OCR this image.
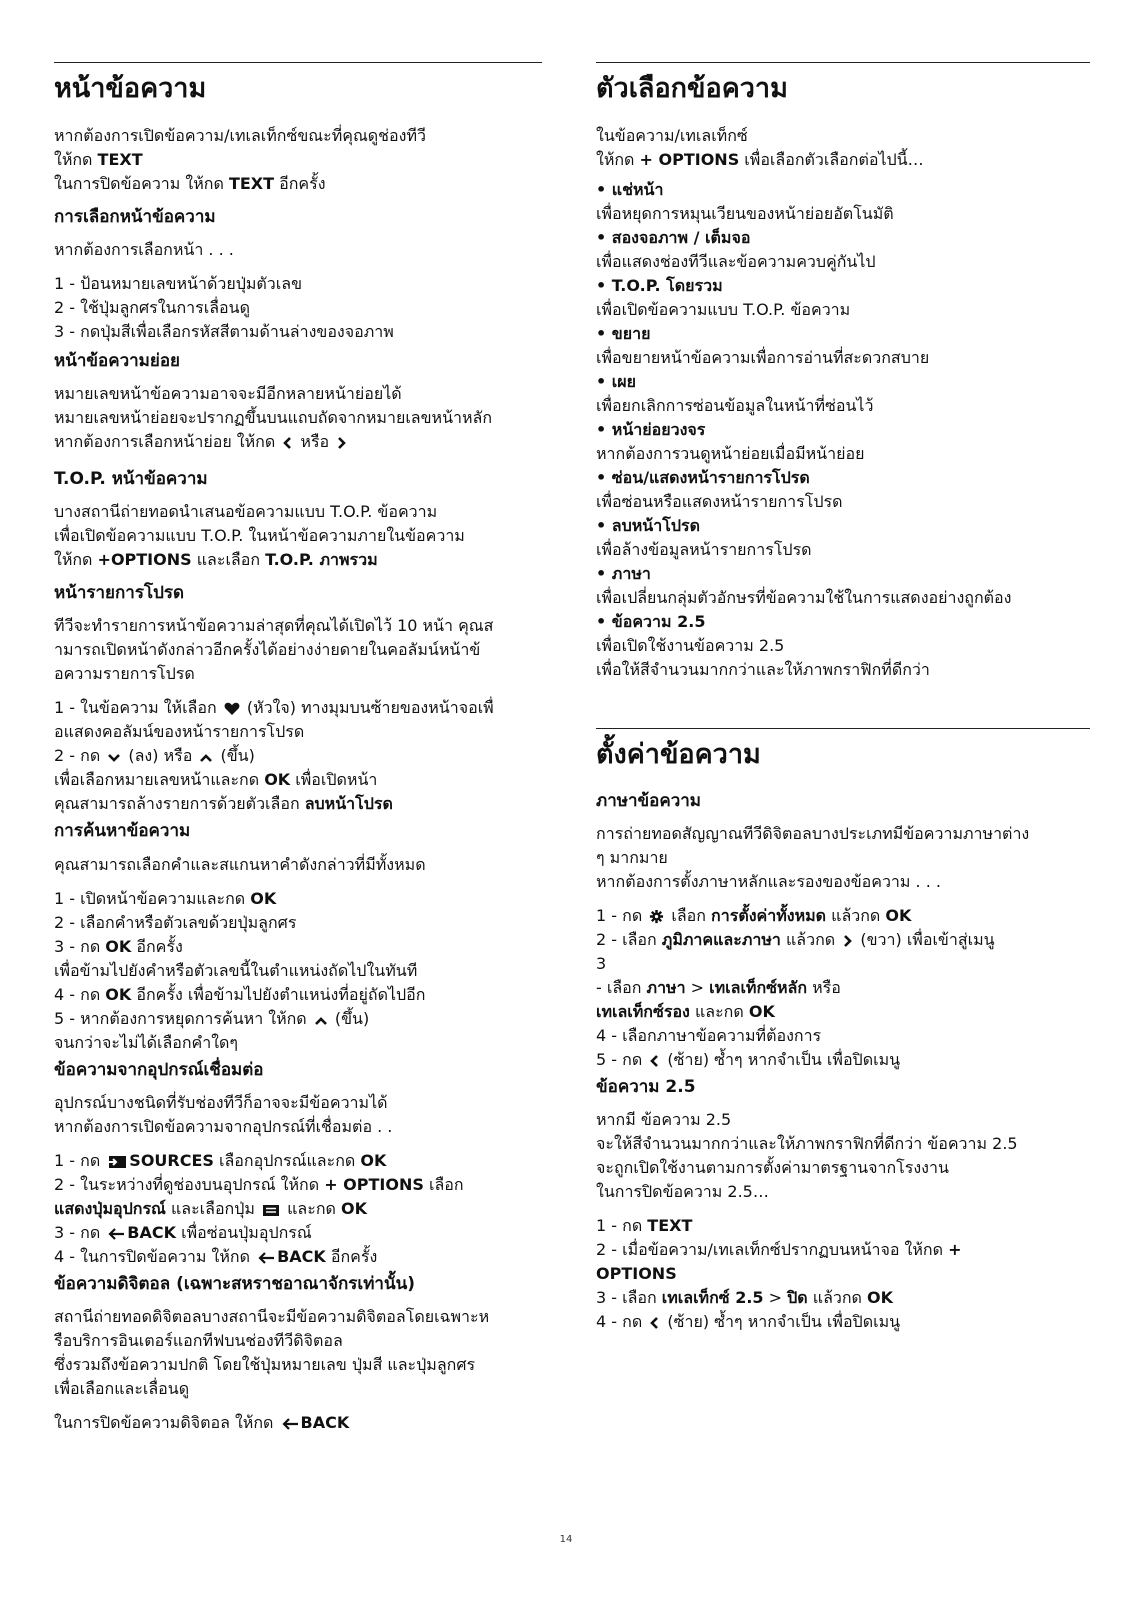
หน้าข้อความ
หากต้องการเปิดข้อความ/เทเลเท็กซ์ขณะที่คุณดูช่องทีวี
ให้กด TEXT
ในการปิดข้อความ ให้กด TEXT อีกครั้ง
การเลือกหน้าข้อความ
หากต้องการเลือกหน้า . . .
1 - ป้อนหมายเลขหน้าด้วยปุ่มตัวเลข
2 - ใช้ปุ่มลูกศรในการเลื่อนดู
3 - กดปุ่มสีเพื่อเลือกรหัสสีตามด้านล่างของจอภาพ
หน้าข้อความย่อย
หมายเลขหน้าข้อความอาจจะมีอีกหลายหน้าย่อยได้
หมายเลขหน้าย่อยจะปรากฏขึ้นบนแถบถัดจากหมายเลขหน้าหลัก
หากต้องการเลือกหน้าย่อย ให้กด
หรือ
T.O.P. หน้าข้อความ
บางสถานีถ่ายทอดนำเสนอข้อความแบบ T.O.P. ข้อความ
เพื่อเปิดข้อความแบบ T.O.P. ในหน้าข้อความภายในข้อความ
ให้กด +OPTIONS และเลือก T.O.P. ภาพรวม
หน้ารายการโปรด
ทีวีจะทำรายการหน้าข้อความล่าสุดที่คุณได้เปิดไว้ 10 หน้า คุณส
ามารถเปิดหน้าดังกล่าวอีกครั้งได้อย่างง่ายดายในคอลัมน์หน้าข้
อความรายการโปรด
1 - ในข้อความ ให้เลือก
(หัวใจ) ทางมุมบนซ้ายของหน้าจอเพื่
อแสดงคอลัมน์ของหน้ารายการโปรด
2 - กด
(ลง) หรือ
(ขึ้น)
เพื่อเลือกหมายเลขหน้าและกด OK เพื่อเปิดหน้า
คุณสามารถล้างรายการด้วยตัวเลือก ลบหน้าโปรด
การค้นหาข้อความ
คุณสามารถเลือกคำและสแกนหาคำดังกล่าวที่มีทั้งหมด
1 - เปิดหน้าข้อความและกด OK
2 - เลือกคำหรือตัวเลขด้วยปุ่มลูกศร
3 - กด OK อีกครั้ง
เพื่อข้ามไปยังคำหรือตัวเลขนี้ในตำแหน่งถัดไปในทันที
4 - กด OK อีกครั้ง เพื่อข้ามไปยังตำแหน่งที่อยู่ถัดไปอีก
5 - หากต้องการหยุดการค้นหา ให้กด
(ขึ้น)
จนกว่าจะไม่ได้เลือกคำใดๆ
ข้อความจากอุปกรณ์เชื่อมต่อ
อุปกรณ์บางชนิดที่รับช่องทีวีก็อาจจะมีข้อความได้
หากต้องการเปิดข้อความจากอุปกรณ์ที่เชื่อมต่อ . .
1 - กด
SOURCES เลือกอุปกรณ์และกด OK
2 - ในระหว่างที่ดูช่องบนอุปกรณ์ ให้กด + OPTIONS เลือก
แสดงปุ่มอุปกรณ์ และเลือกปุ่ม
และกด OK
3 - กด
BACK เพื่อซ่อนปุ่มอุปกรณ์
4 - ในการปิดข้อความ ให้กด
BACK อีกครั้ง
ข้อความดิจิตอล (เฉพาะสหราชอาณาจักรเท่านั้น)
สถานีถ่ายทอดดิจิตอลบางสถานีจะมีข้อความดิจิตอลโดยเฉพาะห
รือบริการอินเตอร์แอกทีฟบนช่องทีวีดิจิตอล
ซึ่งรวมถึงข้อความปกติ โดยใช้ปุ่มหมายเลข ปุ่มสี และปุ่มลูกศร
เพื่อเลือกและเลื่อนดู
ในการปิดข้อความดิจิตอล ให้กด
BACK
ตัวเลือกข้อความ
ในข้อความ/เทเลเท็กซ์
ให้กด + OPTIONS เพื่อเลือกตัวเลือกต่อไปนี้…
• แช่หน้า
เพื่อหยุดการหมุนเวียนของหน้าย่อยอัตโนมัติ
• สองจอภาพ / เต็มจอ
เพื่อแสดงช่องทีวีและข้อความควบคู่กันไป
• T.O.P. โดยรวม
เพื่อเปิดข้อความแบบ T.O.P. ข้อความ
• ขยาย
เพื่อขยายหน้าข้อความเพื่อการอ่านที่สะดวกสบาย
• เผย
เพื่อยกเลิกการซ่อนข้อมูลในหน้าที่ซ่อนไว้
• หน้าย่อยวงจร
หากต้องการวนดูหน้าย่อยเมื่อมีหน้าย่อย
• ซ่อน/แสดงหน้ารายการโปรด
เพื่อซ่อนหรือแสดงหน้ารายการโปรด
• ลบหน้าโปรด
เพื่อล้างข้อมูลหน้ารายการโปรด
• ภาษา
เพื่อเปลี่ยนกลุ่มตัวอักษรที่ข้อความใช้ในการแสดงอย่างถูกต้อง
• ข้อความ 2.5
เพื่อเปิดใช้งานข้อความ 2.5
เพื่อให้สีจำนวนมากกว่าและให้ภาพกราฟิกที่ดีกว่า
ตั้งค่าข้อความ
ภาษาข้อความ
การถ่ายทอดสัญญาณทีวีดิจิตอลบางประเภทมีข้อความภาษาต่าง
ๆ มากมาย
หากต้องการตั้งภาษาหลักและรองของข้อความ . . .
1 - กด
เลือก การตั้งค่าทั้งหมด แล้วกด OK
2 - เลือก ภูมิภาคและภาษา แล้วกด
(ขวา) เพื่อเข้าสู่เมนู
3
- เลือก ภาษา > เทเลเท็กซ์หลัก หรือ
เทเลเท็กซ์รอง และกด OK
4 - เลือกภาษาข้อความที่ต้องการ
5 - กด
(ซ้าย) ซ้ำๆ หากจำเป็น เพื่อปิดเมนู
ข้อความ 2.5
หากมี ข้อความ 2.5
จะให้สีจำนวนมากกว่าและให้ภาพกราฟิกที่ดีกว่า ข้อความ 2.5
จะถูกเปิดใช้งานตามการตั้งค่ามาตรฐานจากโรงงาน
ในการปิดข้อความ 2.5…
1 - กด TEXT
2 - เมื่อข้อความ/เทเลเท็กซ์ปรากฏบนหน้าจอ ให้กด +
OPTIONS
3 - เลือก เทเลเท็กซ์ 2.5 > ปิด แล้วกด OK
4 - กด
(ซ้าย) ซ้ำๆ หากจำเป็น เพื่อปิดเมนู
14
